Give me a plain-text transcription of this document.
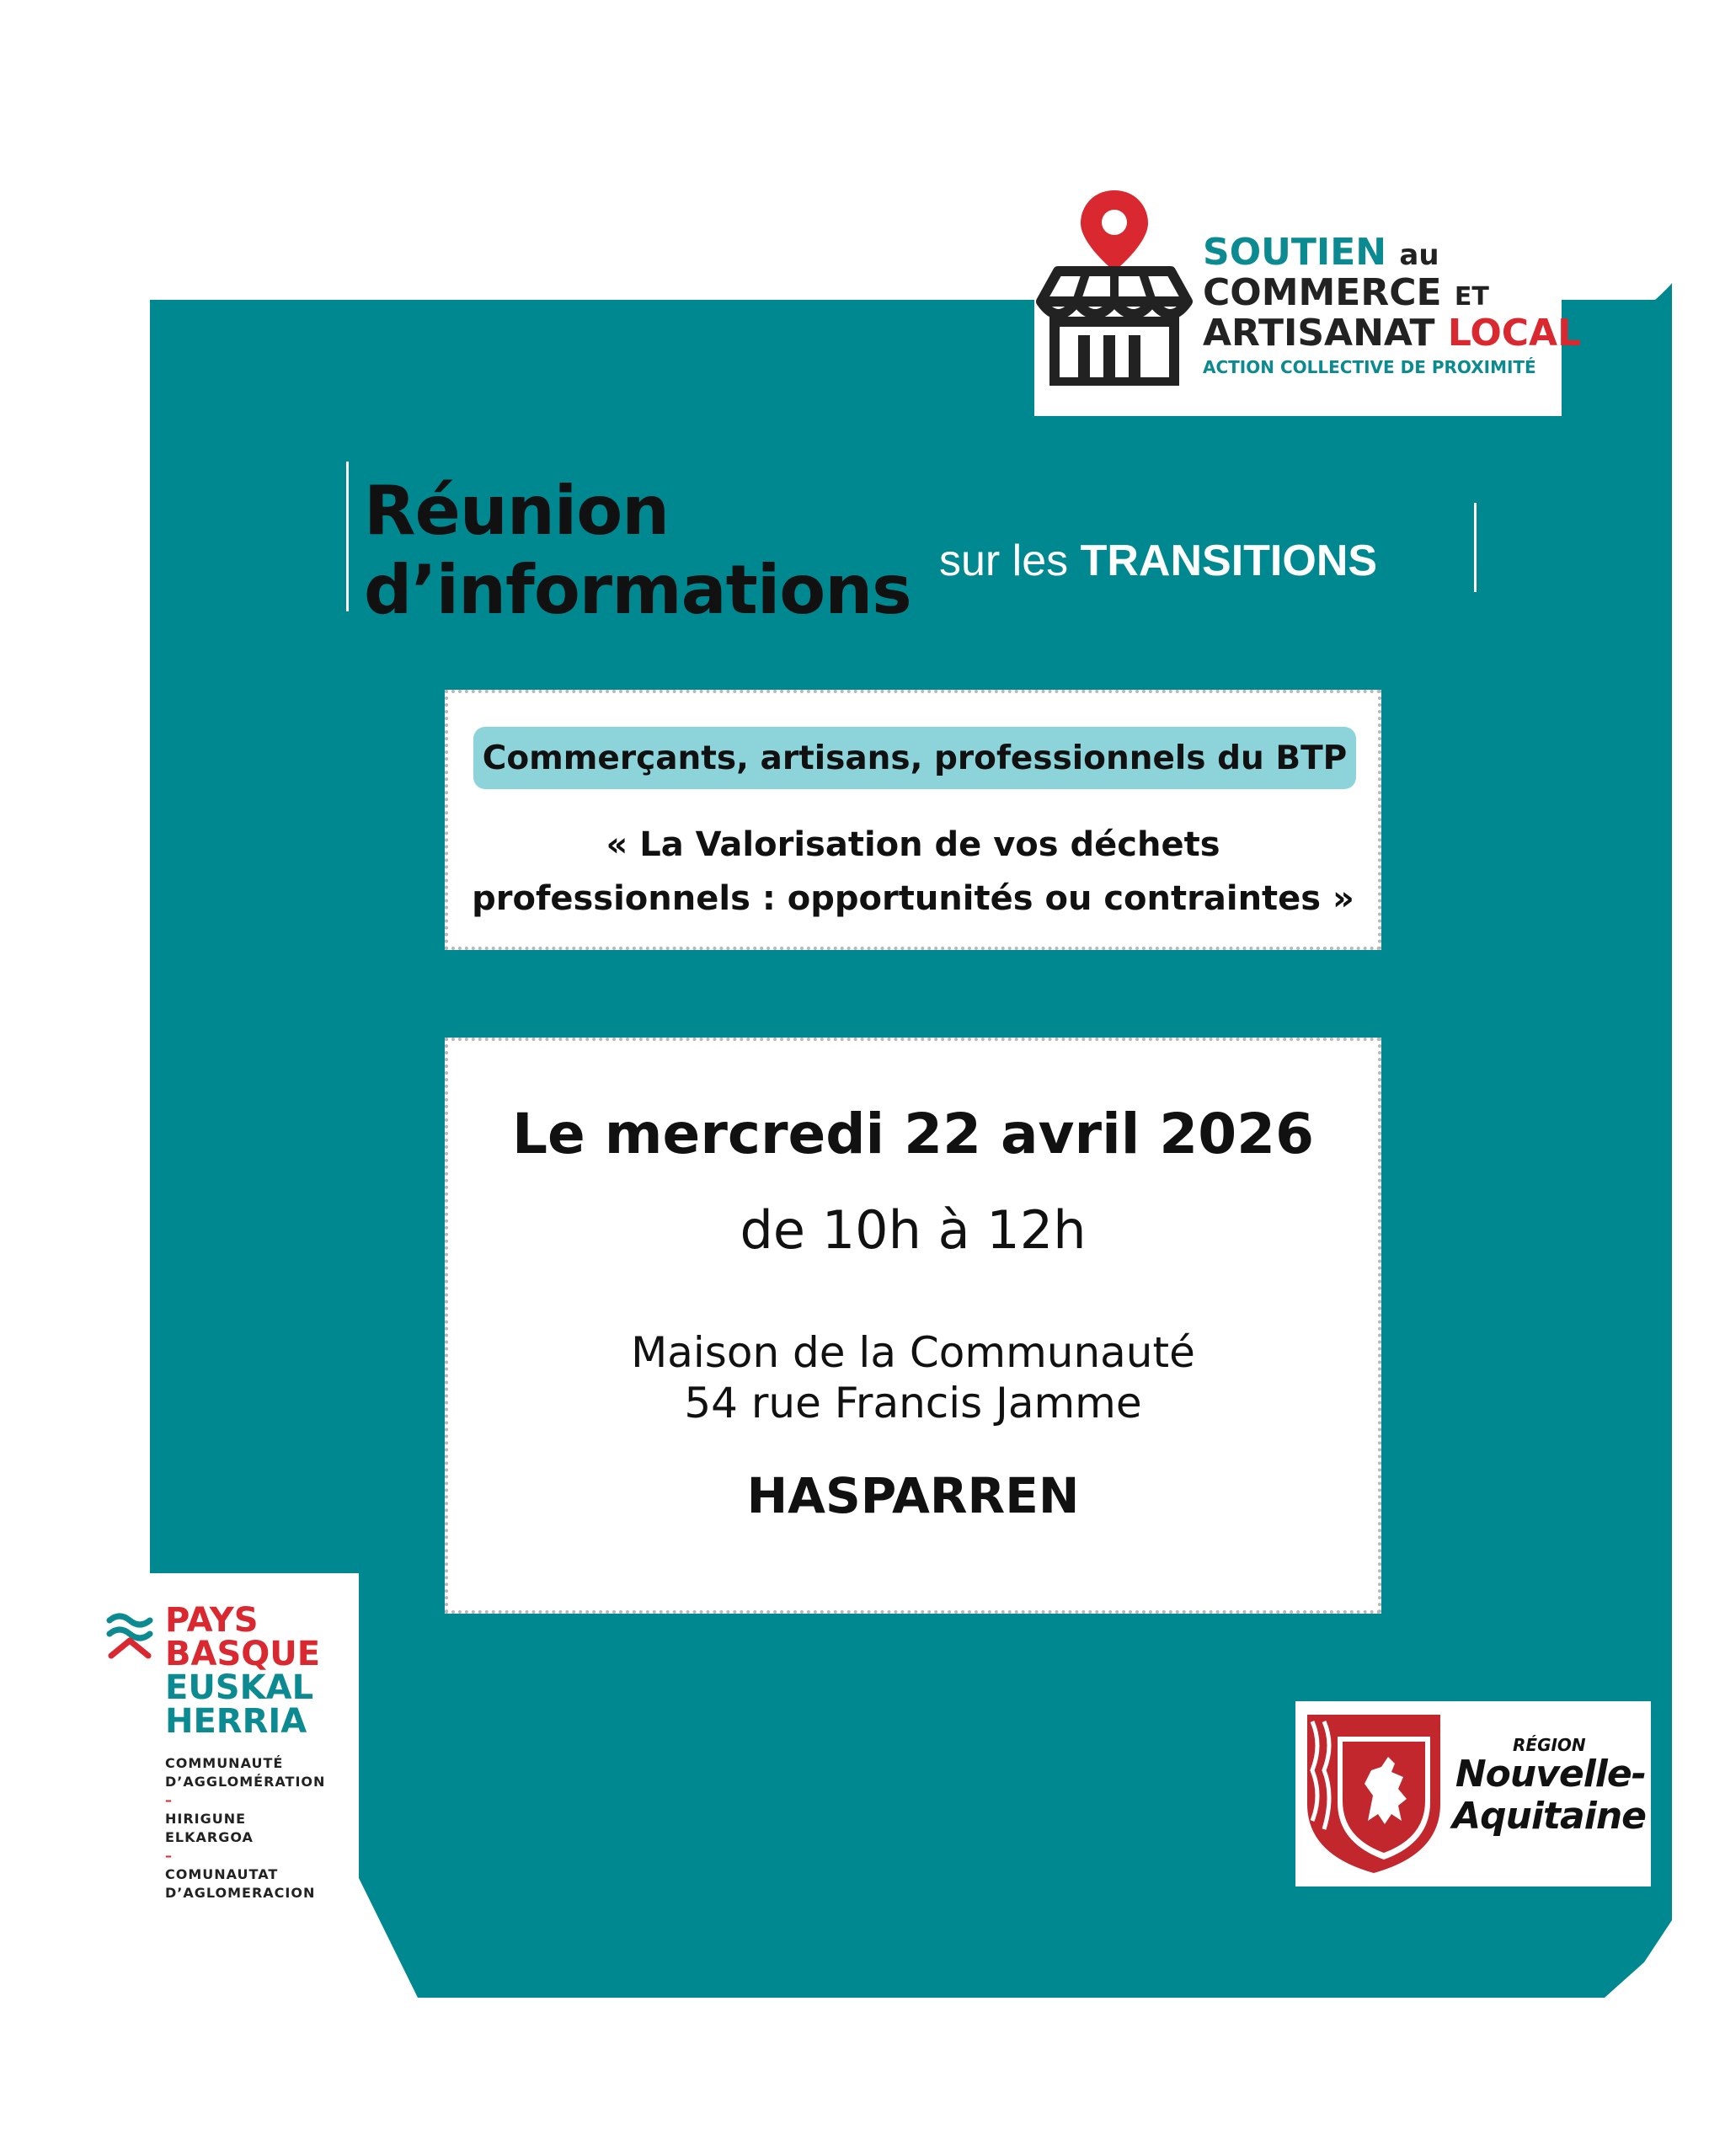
SOUTIEN au
COMMERCE ET
ARTISANAT LOCAL
ACTION COLLECTIVE DE PROXIMITÉ
Réunion
d’informations sur les TRANSITIONS
Commerçants, artisans, professionnels du BTP
« La Valorisation de vos déchets
professionnels : opportunités ou contraintes »
Le mercredi 22 avril 2026
de 10h à 12h
Maison de la Communauté
54 rue Francis Jamme
HASPARREN
PAYS
BASQUE
EUSKAL
HERRIA
COMMUNAUTÉ
D’AGGLOMÉRATION
–
HIRIGUNE
ELKARGOA
–
COMUNAUTAT
D’AGLOMERACION
RÉGION
Nouvelle-
Aquitaine
